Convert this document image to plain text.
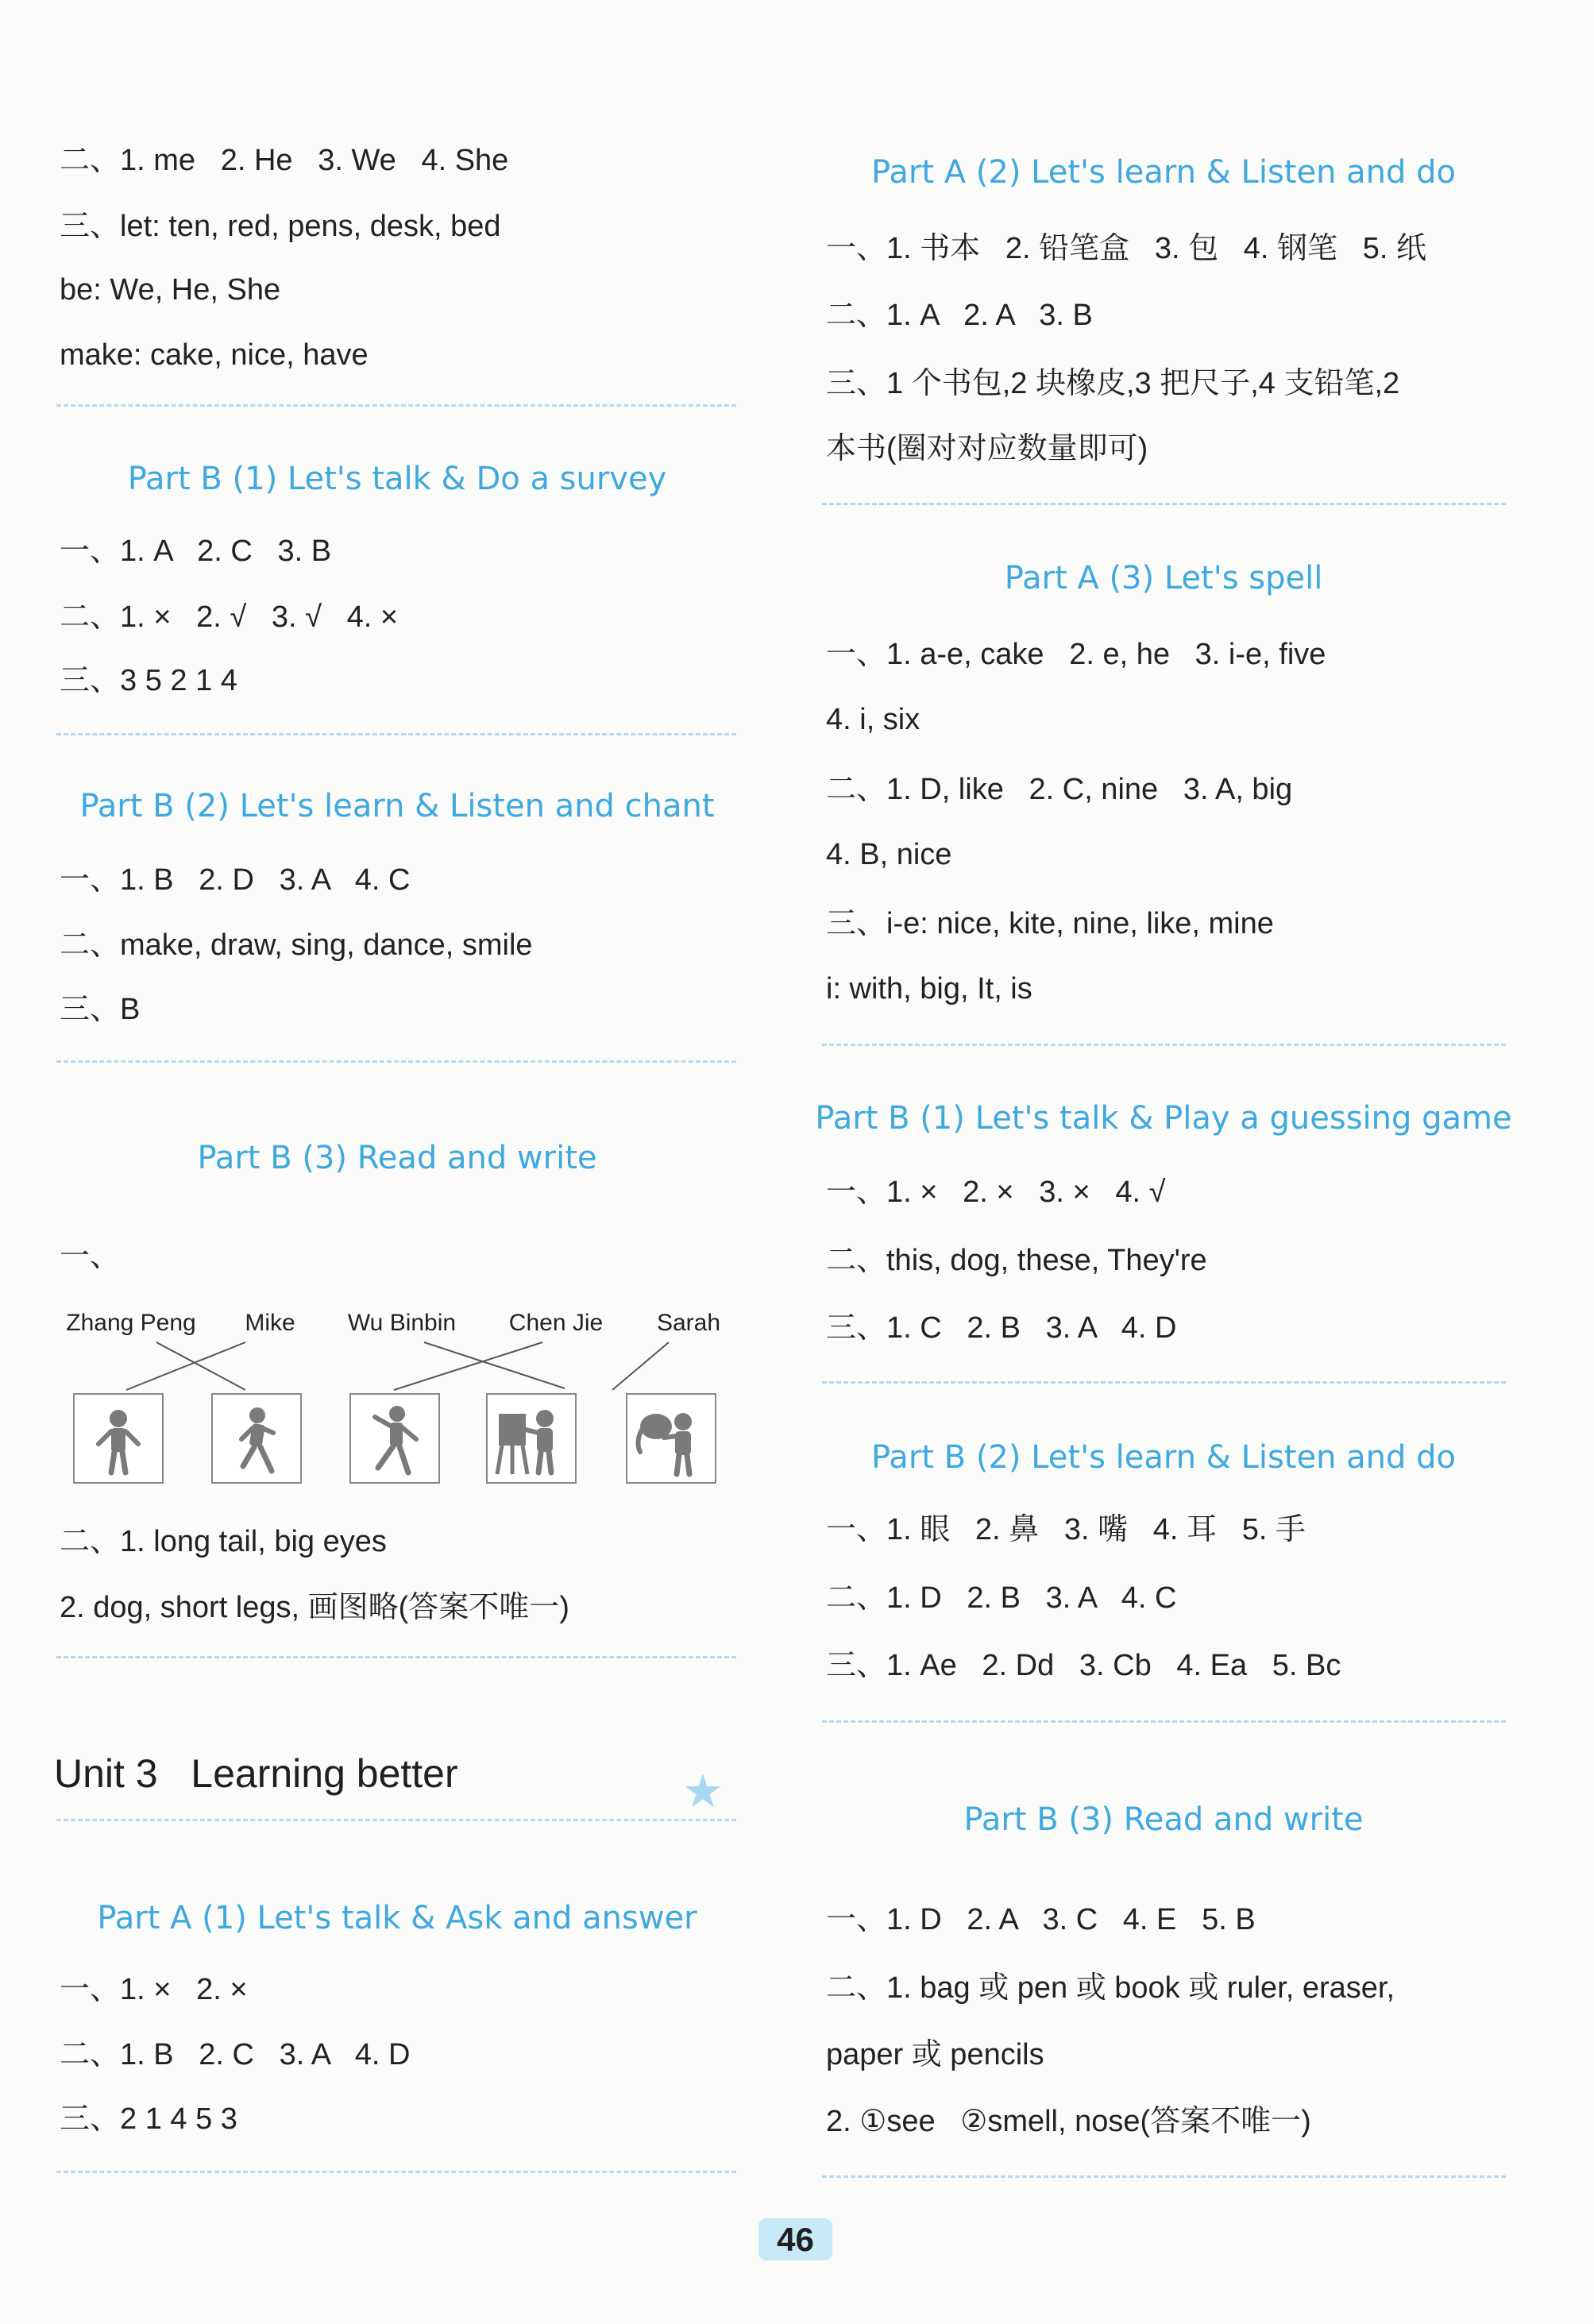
二、1. me   2. He   3. We   4. She
三、let: ten, red, pens, desk, bed
be: We, He, She
make: cake, nice, have
Part B (1) Let's talk & Do a survey
一、1. A   2. C   3. B
二、1. ×   2. √   3. √   4. ×
三、3 5 2 1 4
Part B (2) Let's learn & Listen and chant
一、1. B   2. D   3. A   4. C
二、make, draw, sing, dance, smile
三、B
Part B (3) Read and write
一、
Zhang Peng Mike Wu Binbin Chen Jie Sarah
二、1. long tail, big eyes
2. dog, short legs, 画图略(答案不唯一)
Unit 3   Learning better	★
Part A (1) Let's talk & Ask and answer
一、1. ×   2. ×
二、1. B   2. C   3. A   4. D
三、2 1 4 5 3
Part A (2) Let's learn & Listen and do
一、1. 书本   2. 铅笔盒   3. 包   4. 钢笔   5. 纸
二、1. A   2. A   3. B
三、1 个书包,2 块橡皮,3 把尺子,4 支铅笔,2
本书(圈对对应数量即可)
Part A (3) Let's spell
一、1. a-e, cake   2. e, he   3. i-e, five
4. i, six
二、1. D, like   2. C, nine   3. A, big
4. B, nice
三、i-e: nice, kite, nine, like, mine
i: with, big, It, is
Part B (1) Let's talk & Play a guessing game
一、1. ×   2. ×   3. ×   4. √
二、this, dog, these, They're
三、1. C   2. B   3. A   4. D
Part B (2) Let's learn & Listen and do
一、1. 眼   2. 鼻   3. 嘴   4. 耳   5. 手
二、1. D   2. B   3. A   4. C
三、1. Ae   2. Dd   3. Cb   4. Ea   5. Bc
Part B (3) Read and write
一、1. D   2. A   3. C   4. E   5. B
二、1. bag 或 pen 或 book 或 ruler, eraser,
paper 或 pencils
2. ①see   ②smell, nose(答案不唯一)
46
